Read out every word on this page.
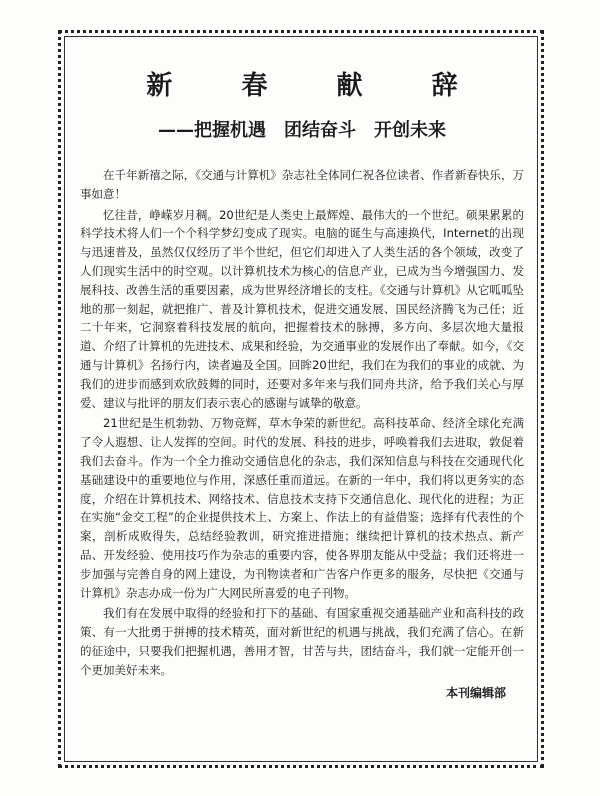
新 春 献 辞
——把握机遇　团结奋斗　开创未来

在千年新禧之际，《交通与计算机》杂志社全体同仁祝各位读者、作者新春快乐，万事如意！

忆往昔，峥嵘岁月稠。20世纪是人类史上最辉煌、最伟大的一个世纪。硕果累累的科学技术将人们一个个科学梦幻变成了现实。电脑的诞生与高速换代，Internet的出现与迅速普及，虽然仅仅经历了半个世纪，但它们却进入了人类生活的各个领域，改变了人们现实生活中的时空观。以计算机技术为核心的信息产业，已成为当今增强国力、发展科技、改善生活的重要因素，成为世界经济增长的支柱。《交通与计算机》从它呱呱坠地的那一刻起，就把推广、普及计算机技术，促进交通发展、国民经济腾飞为己任；近二十年来，它洞察着科技发展的航向，把握着技术的脉搏，多方向、多层次地大量报道、介绍了计算机的先进技术、成果和经验，为交通事业的发展作出了奉献。如今，《交通与计算机》名扬行内，读者遍及全国。回眸20世纪，我们在为我们的事业的成就、为我们的进步而感到欢欣鼓舞的同时，还要对多年来与我们同舟共济，给予我们关心与厚爱、建议与批评的朋友们表示衷心的感谢与诚挚的敬意。

21世纪是生机勃勃、万物竞辉，草木争荣的新世纪。高科技革命、经济全球化充满了令人遐想、让人发挥的空间。时代的发展、科技的进步，呼唤着我们去进取，敦促着我们去奋斗。作为一个全力推动交通信息化的杂志，我们深知信息与科技在交通现代化基础建设中的重要地位与作用，深感任重而道远。在新的一年中，我们将以更务实的态度，介绍在计算机技术、网络技术、信息技术支持下交通信息化、现代化的进程；为正在实施“金交工程”的企业提供技术上、方案上、作法上的有益借鉴；选择有代表性的个案，剖析成败得失，总结经验教训，研究推进措施；继续把计算机的技术热点、新产品、开发经验、使用技巧作为杂志的重要内容，使各界朋友能从中受益；我们还将进一步加强与完善自身的网上建设，为刊物读者和广告客户作更多的服务，尽快把《交通与计算机》杂志办成一份为广大网民所喜爱的电子刊物。

我们有在发展中取得的经验和打下的基础、有国家重视交通基础产业和高科技的政策、有一大批勇于拼搏的技术精英，面对新世纪的机遇与挑战，我们充满了信心。在新的征途中，只要我们把握机遇，善用才智，甘苦与共，团结奋斗，我们就一定能开创一个更加美好未来。

本刊编辑部
